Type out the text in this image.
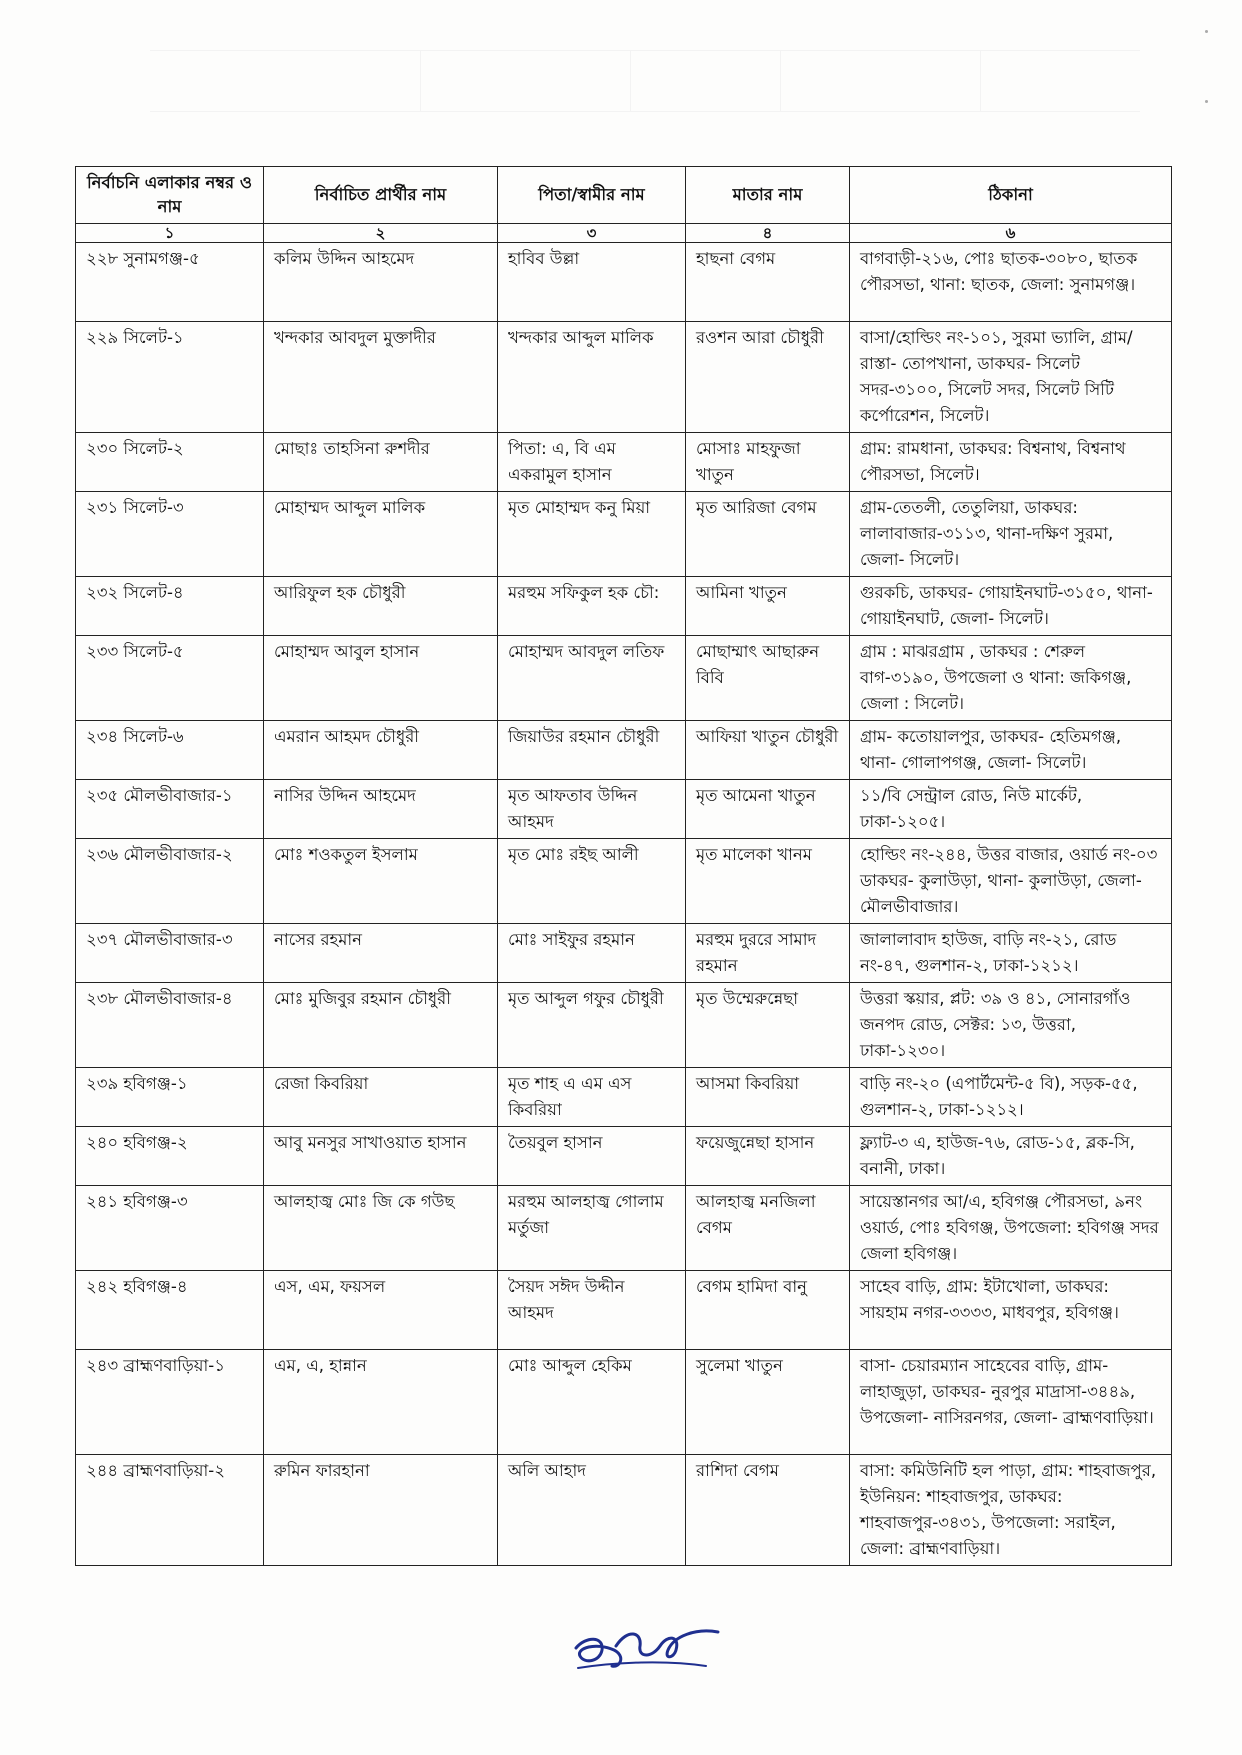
নির্বাচনি এলাকার নম্বর ও নাম	নির্বাচিত প্রার্থীর নাম	পিতা/স্বামীর নাম	মাতার নাম	ঠিকানা
১	২	৩	৪	৬
২২৮ সুনামগঞ্জ-৫	কলিম উদ্দিন আহমেদ	হাবিব উল্লা	হাছনা বেগম	বাগবাড়ী-২১৬, পোঃ ছাতক-৩০৮০, ছাতক পৌরসভা, থানা: ছাতক, জেলা: সুনামগঞ্জ।
২২৯ সিলেট-১	খন্দকার আবদুল মুক্তাদীর	খন্দকার আব্দুল মালিক	রওশন আরা চৌধুরী	বাসা/হোল্ডিং নং-১০১, সুরমা ভ্যালি, গ্রাম/রাস্তা- তোপখানা, ডাকঘর- সিলেট সদর-৩১০০, সিলেট সদর, সিলেট সিটি কর্পোরেশন, সিলেট।
২৩০ সিলেট-২	মোছাঃ তাহসিনা রুশদীর	পিতা: এ, বি এম একরামুল হাসান	মোসাঃ মাহফুজা খাতুন	গ্রাম: রামধানা, ডাকঘর: বিশ্বনাথ, বিশ্বনাথ পৌরসভা, সিলেট।
২৩১ সিলেট-৩	মোহাম্মদ আব্দুল মালিক	মৃত মোহাম্মদ কনু মিয়া	মৃত আরিজা বেগম	গ্রাম-তেতলী, তেতুলিয়া, ডাকঘর: লালাবাজার-৩১১৩, থানা-দক্ষিণ সুরমা, জেলা- সিলেট।
২৩২ সিলেট-৪	আরিফুল হক চৌধুরী	মরহুম সফিকুল হক চৌ:	আমিনা খাতুন	গুরকচি, ডাকঘর- গোয়াইনঘাট-৩১৫০, থানা- গোয়াইনঘাট, জেলা- সিলেট।
২৩৩ সিলেট-৫	মোহাম্মদ আবুল হাসান	মোহাম্মদ আবদুল লতিফ	মোছাম্মাৎ আছারুন বিবি	গ্রাম : মাঝরগ্রাম , ডাকঘর : শেরুল বাগ-৩১৯০, উপজেলা ও থানা: জকিগঞ্জ, জেলা : সিলেট।
২৩৪ সিলেট-৬	এমরান আহমদ চৌধুরী	জিয়াউর রহমান চৌধুরী	আফিয়া খাতুন চৌধুরী	গ্রাম- কতোয়ালপুর, ডাকঘর- হেতিমগঞ্জ, থানা- গোলাপগঞ্জ, জেলা- সিলেট।
২৩৫ মৌলভীবাজার-১	নাসির উদ্দিন আহমেদ	মৃত আফতাব উদ্দিন আহমদ	মৃত আমেনা খাতুন	১১/বি সেন্ট্রাল রোড, নিউ মার্কেট, ঢাকা-১২০৫।
২৩৬ মৌলভীবাজার-২	মোঃ শওকতুল ইসলাম	মৃত মোঃ রইছ আলী	মৃত মালেকা খানম	হোল্ডিং নং-২৪৪, উত্তর বাজার, ওয়ার্ড নং-০৩ ডাকঘর- কুলাউড়া, থানা- কুলাউড়া, জেলা-মৌলভীবাজার।
২৩৭ মৌলভীবাজার-৩	নাসের রহমান	মোঃ সাইফুর রহমান	মরহুম দুররে সামাদ রহমান	জালালাবাদ হাউজ, বাড়ি নং-২১, রোড নং-৪৭, গুলশান-২, ঢাকা-১২১২।
২৩৮ মৌলভীবাজার-৪	মোঃ মুজিবুর রহমান চৌধুরী	মৃত আব্দুল গফুর চৌধুরী	মৃত উম্মেরুন্নেছা	উত্তরা স্কয়ার, প্লট: ৩৯ ও ৪১, সোনারগাঁও জনপদ রোড, সেক্টর: ১৩, উত্তরা, ঢাকা-১২৩০।
২৩৯ হবিগঞ্জ-১	রেজা কিবরিয়া	মৃত শাহ এ এম এস কিবরিয়া	আসমা কিবরিয়া	বাড়ি নং-২০ (এপার্টমেন্ট-৫ বি), সড়ক-৫৫, গুলশান-২, ঢাকা-১২১২।
২৪০ হবিগঞ্জ-২	আবু মনসুর সাখাওয়াত হাসান	তৈয়বুল হাসান	ফয়েজুন্নেছা হাসান	ফ্ল্যাট-৩ এ, হাউজ-৭৬, রোড-১৫, ব্লক-সি, বনানী, ঢাকা।
২৪১ হবিগঞ্জ-৩	আলহাজ্ব মোঃ জি কে গউছ	মরহুম আলহাজ্ব গোলাম মর্তুজা	আলহাজ্ব মনজিলা বেগম	সায়েস্তানগর আ/এ, হবিগঞ্জ পৌরসভা, ৯নং ওয়ার্ড, পোঃ হবিগঞ্জ, উপজেলা: হবিগঞ্জ সদর জেলা হবিগঞ্জ।
২৪২ হবিগঞ্জ-৪	এস, এম, ফয়সল	সৈয়দ সঈদ উদ্দীন আহমদ	বেগম হামিদা বানু	সাহেব বাড়ি, গ্রাম: ইটাখোলা, ডাকঘর: সায়হাম নগর-৩৩৩৩, মাধবপুর, হবিগঞ্জ।
২৪৩ ব্রাহ্মণবাড়িয়া-১	এম, এ, হান্নান	মোঃ আব্দুল হেকিম	সুলেমা খাতুন	বাসা- চেয়ারম্যান সাহেবের বাড়ি, গ্রাম- লাহাজুড়া, ডাকঘর- নুরপুর মাদ্রাসা-৩৪৪৯, উপজেলা- নাসিরনগর, জেলা- ব্রাহ্মণবাড়িয়া।
২৪৪ ব্রাহ্মণবাড়িয়া-২	রুমিন ফারহানা	অলি আহাদ	রাশিদা বেগম	বাসা: কমিউনিটি হল পাড়া, গ্রাম: শাহবাজপুর, ইউনিয়ন: শাহবাজপুর, ডাকঘর: শাহবাজপুর-৩৪৩১, উপজেলা: সরাইল, জেলা: ব্রাহ্মণবাড়িয়া।
